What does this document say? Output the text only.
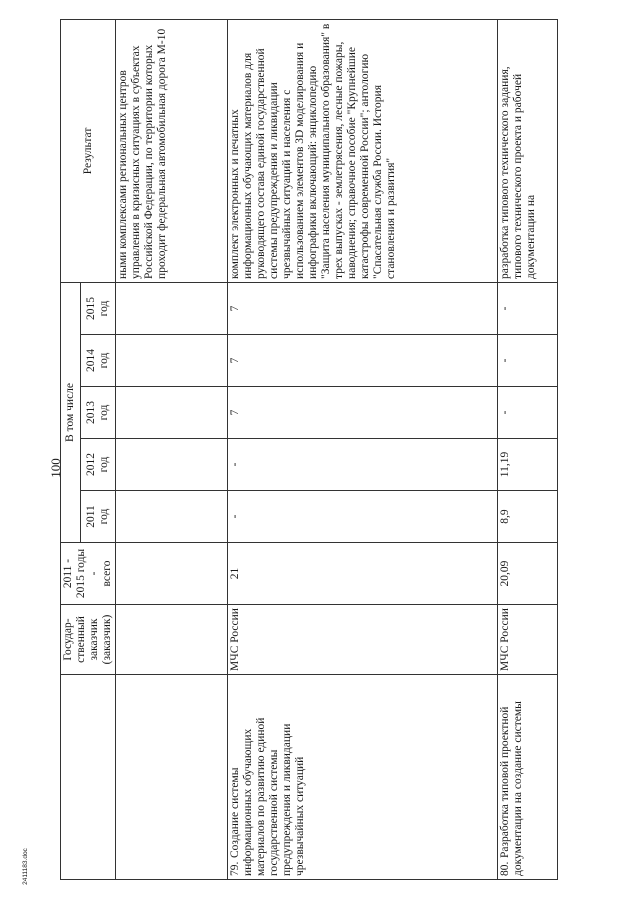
100
2411183.doc
	Государ-
ственный
заказчик
(заказчик)	2011 -
2015 годы -
всего	В том числе					Результат
			2011
год	2012
год	2013
год	2014
год	2015
год	
								ными комплексами региональных центров управления в кризисных ситуациях в субъектах Российской Федерации, по территории которых проходит федеральная автомобильная дорога М-10
79.Создание системы информационных обучающих материалов по развитию единой государственной системы предупреждения и ликвидации чрезвычайных ситуаций	МЧС России	21	-	-	7	7	7	комплект электронных и печатных информационных обучающих материалов для руководящего состава единой государственной системы предупреждения и ликвидации чрезвычайных ситуаций и населения с использованием элементов 3D моделирования и инфографики включающий: энциклопедию "Защита населения муниципального образования" в трех выпусках - землетрясения, лесные пожары, наводнения; справочное пособие "Крупнейшие катастрофы современной России"; антологию "Спасательная служба России. История становления и развития"
80.Разработка типовой проектной документации на создание системы	МЧС России	20,09	8,9	11,19	-	-	-	разработка типового технического задания, типового технического проекта и рабочей документации на
